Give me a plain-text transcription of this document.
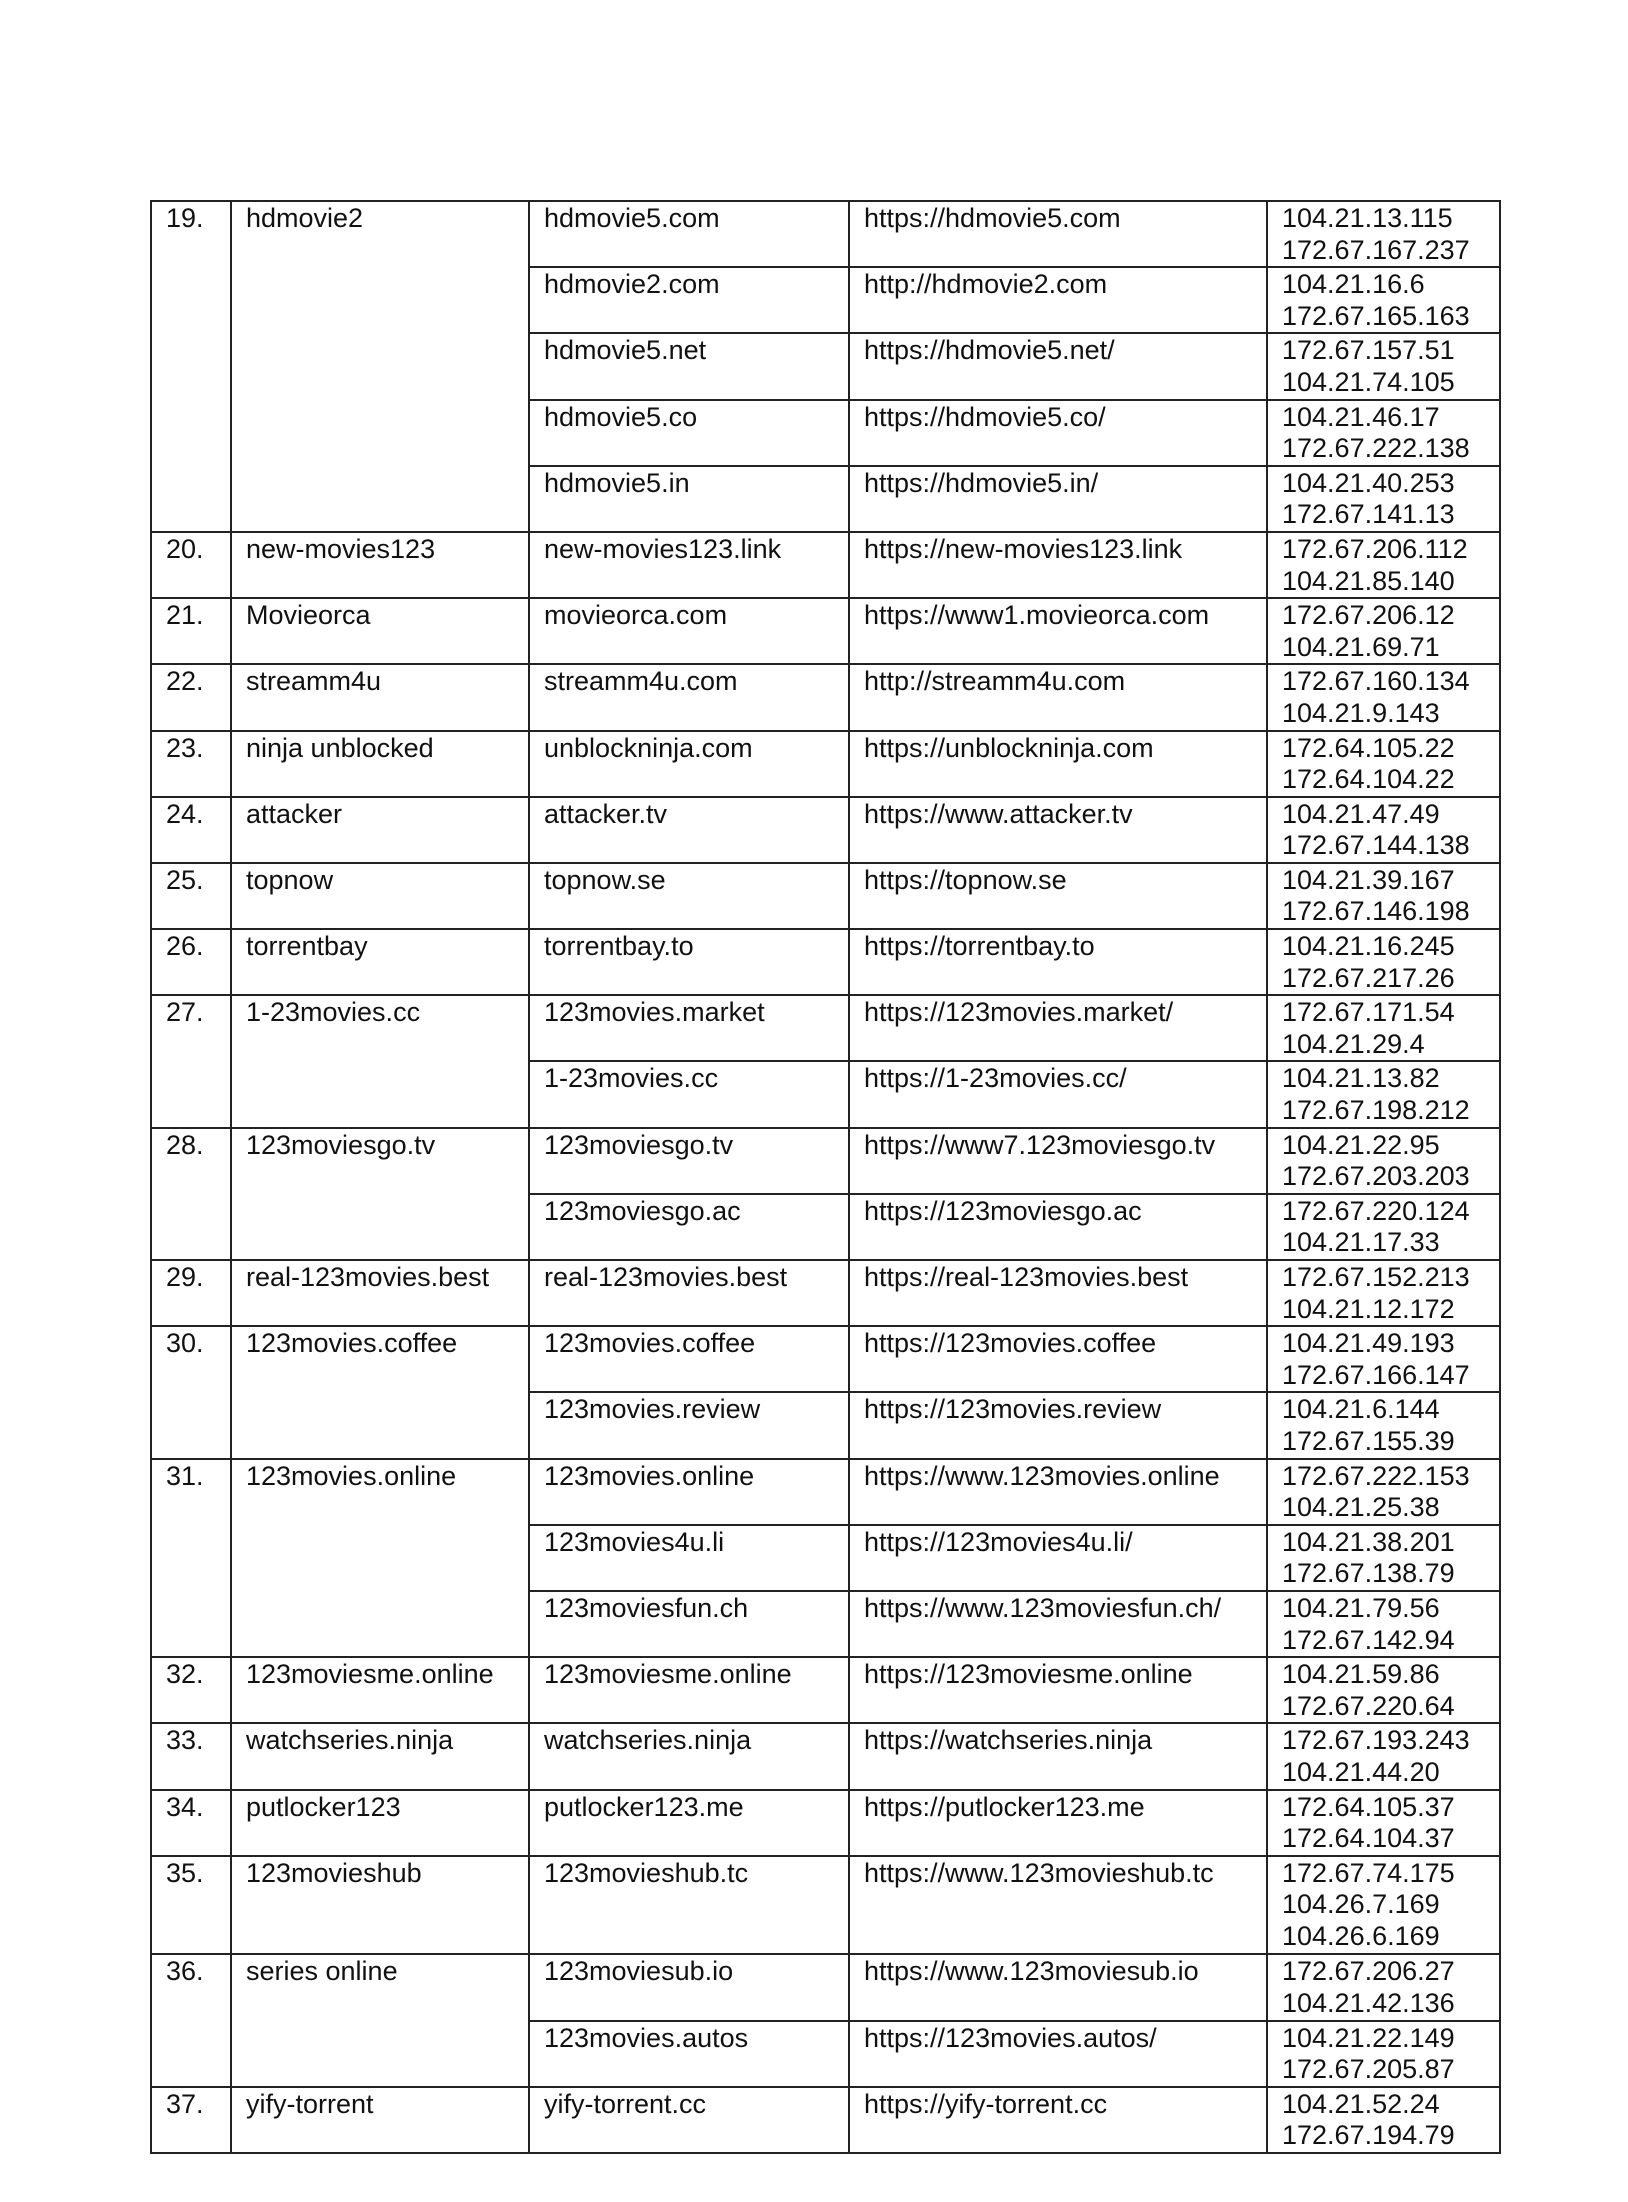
19.	hdmovie2	hdmovie5.com	https://hdmovie5.com	104.21.13.115
172.67.167.237

		hdmovie2.com	http://hdmovie2.com	104.21.16.6
172.67.165.163

		hdmovie5.net	https://hdmovie5.net/	172.67.157.51
104.21.74.105

		hdmovie5.co	https://hdmovie5.co/	104.21.46.17
172.67.222.138

		hdmovie5.in	https://hdmovie5.in/	104.21.40.253
172.67.141.13

20.	new-movies123	new-movies123.link	https://new-movies123.link	172.67.206.112
104.21.85.140

21.	Movieorca	movieorca.com	https://www1.movieorca.com	172.67.206.12
104.21.69.71

22.	streamm4u	streamm4u.com	http://streamm4u.com	172.67.160.134
104.21.9.143

23.	ninja unblocked	unblockninja.com	https://unblockninja.com	172.64.105.22
172.64.104.22

24.	attacker	attacker.tv	https://www.attacker.tv	104.21.47.49
172.67.144.138

25.	topnow	topnow.se	https://topnow.se	104.21.39.167
172.67.146.198

26.	torrentbay	torrentbay.to	https://torrentbay.to	104.21.16.245
172.67.217.26

27.	1-23movies.cc	123movies.market	https://123movies.market/	172.67.171.54
104.21.29.4

		1-23movies.cc	https://1-23movies.cc/	104.21.13.82
172.67.198.212

28.	123moviesgo.tv	123moviesgo.tv	https://www7.123moviesgo.tv	104.21.22.95
172.67.203.203

		123moviesgo.ac	https://123moviesgo.ac	172.67.220.124
104.21.17.33

29.	real-123movies.best	real-123movies.best	https://real-123movies.best	172.67.152.213
104.21.12.172

30.	123movies.coffee	123movies.coffee	https://123movies.coffee	104.21.49.193
172.67.166.147

		123movies.review	https://123movies.review	104.21.6.144
172.67.155.39

31.	123movies.online	123movies.online	https://www.123movies.online	172.67.222.153
104.21.25.38

		123movies4u.li	https://123movies4u.li/	104.21.38.201
172.67.138.79

		123moviesfun.ch	https://www.123moviesfun.ch/	104.21.79.56
172.67.142.94

32.	123moviesme.online	123moviesme.online	https://123moviesme.online	104.21.59.86
172.67.220.64

33.	watchseries.ninja	watchseries.ninja	https://watchseries.ninja	172.67.193.243
104.21.44.20

34.	putlocker123	putlocker123.me	https://putlocker123.me	172.64.105.37
172.64.104.37

35.	123movieshub	123movieshub.tc	https://www.123movieshub.tc	172.67.74.175
104.26.7.169
104.26.6.169

36.	series online	123moviesub.io	https://www.123moviesub.io	172.67.206.27
104.21.42.136

		123movies.autos	https://123movies.autos/	104.21.22.149
172.67.205.87

37.	yify-torrent	yify-torrent.cc	https://yify-torrent.cc	104.21.52.24
172.67.194.79
